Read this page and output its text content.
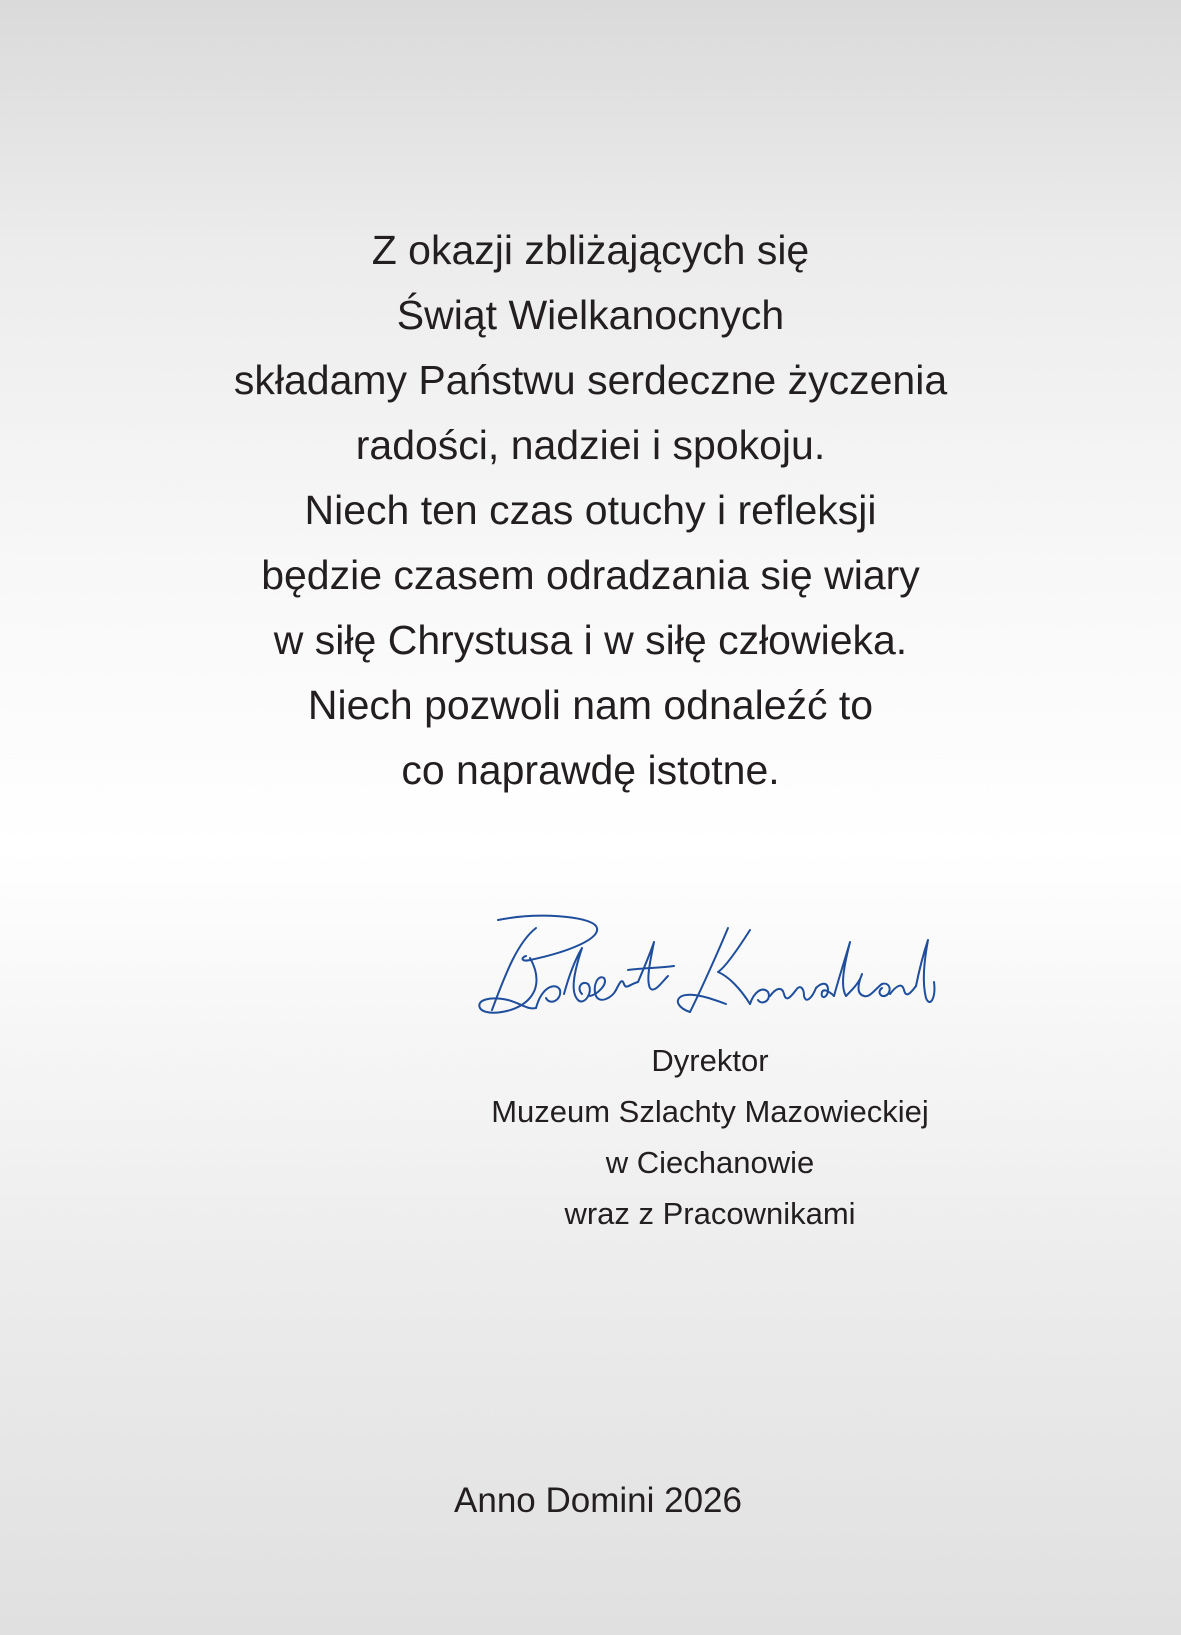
Z okazji zbliżających się
Świąt Wielkanocnych
składamy Państwu serdeczne życzenia
radości, nadziei i spokoju.
Niech ten czas otuchy i refleksji
będzie czasem odradzania się wiary
w siłę Chrystusa i w siłę człowieka.
Niech pozwoli nam odnaleźć to
co naprawdę istotne.
Dyrektor
Muzeum Szlachty Mazowieckiej
w Ciechanowie
wraz z Pracownikami
Anno Domini 2026
